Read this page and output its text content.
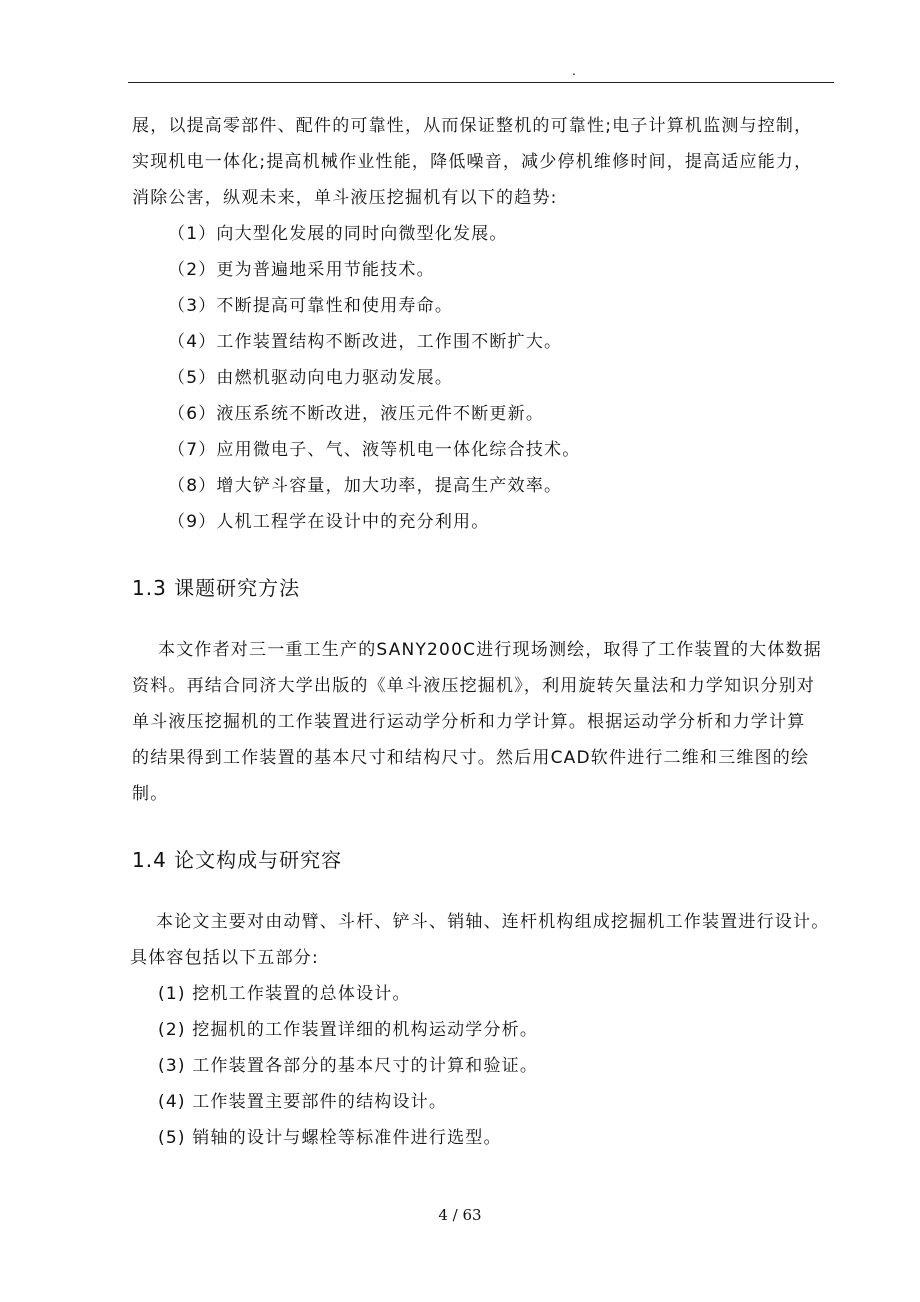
.
展，以提高零部件、配件的可靠性，从而保证整机的可靠性;电子计算机监测与控制，
实现机电一体化;提高机械作业性能，降低噪音，减少停机维修时间，提高适应能力，
消除公害，纵观未来，单斗液压挖掘机有以下的趋势:
（1）向大型化发展的同时向微型化发展。
（2）更为普遍地采用节能技术。
（3）不断提高可靠性和使用寿命。
（4）工作装置结构不断改进，工作围不断扩大。
（5）由燃机驱动向电力驱动发展。
（6）液压系统不断改进，液压元件不断更新。
（7）应用微电子、气、液等机电一体化综合技术。
（8）增大铲斗容量，加大功率，提高生产效率。
（9）人机工程学在设计中的充分利用。
1.3 课题研究方法
本文作者对三一重工生产的SANY200C进行现场测绘，取得了工作装置的大体数据
资料。再结合同济大学出版的《单斗液压挖掘机》，利用旋转矢量法和力学知识分别对
单斗液压挖掘机的工作装置进行运动学分析和力学计算。根据运动学分析和力学计算
的结果得到工作装置的基本尺寸和结构尺寸。然后用CAD软件进行二维和三维图的绘
制。
1.4 论文构成与研究容
本论文主要对由动臂、斗杆、铲斗、销轴、连杆机构组成挖掘机工作装置进行设计。
具体容包括以下五部分:
(1) 挖机工作装置的总体设计。
(2) 挖掘机的工作装置详细的机构运动学分析。
(3) 工作装置各部分的基本尺寸的计算和验证。
(4) 工作装置主要部件的结构设计。
(5) 销轴的设计与螺栓等标准件进行选型。
4 / 63
